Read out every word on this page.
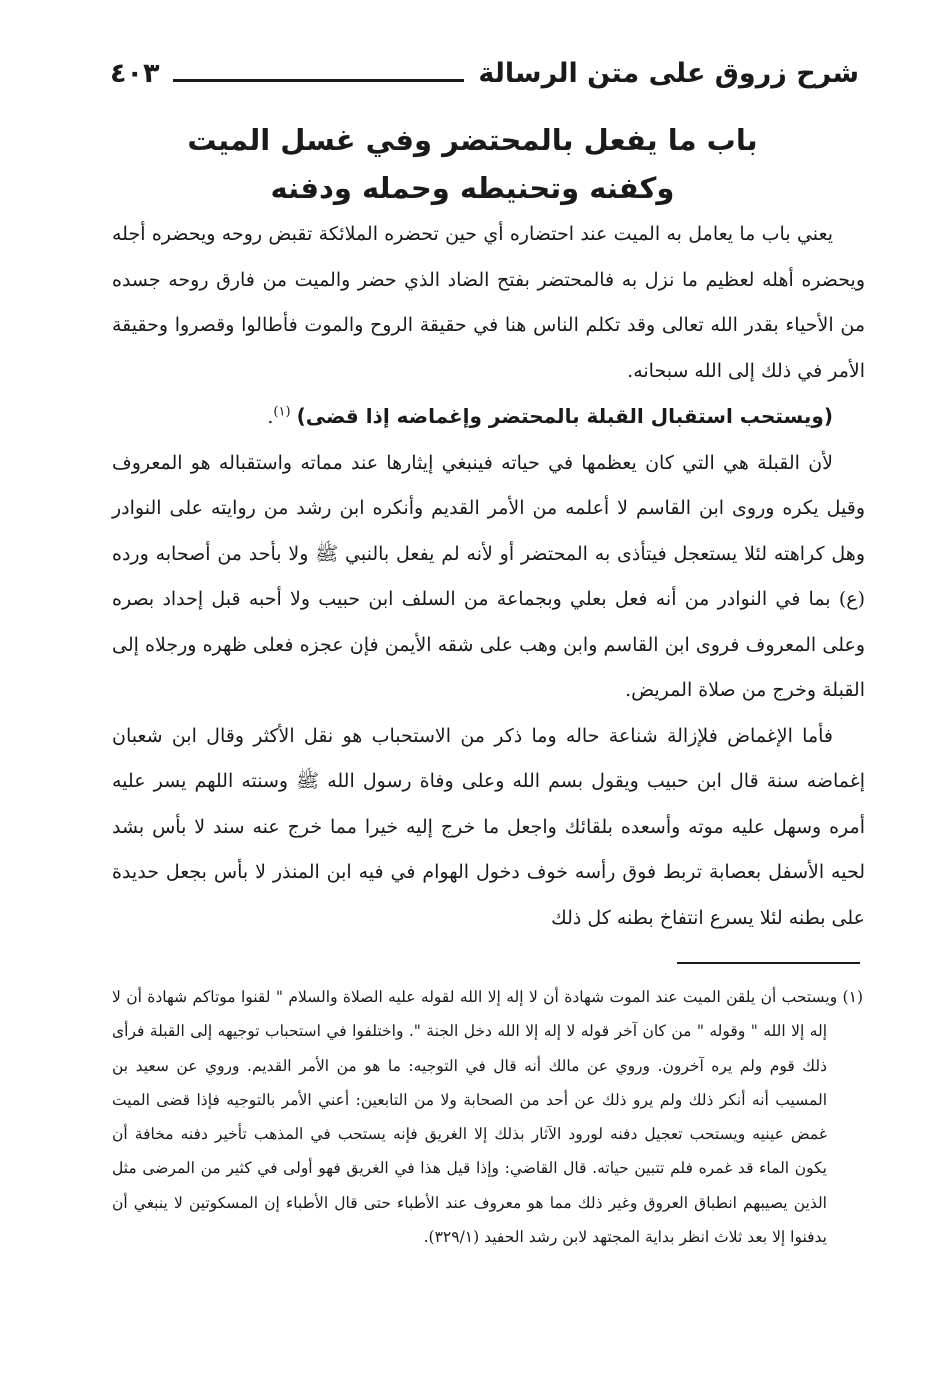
شرح زروق على متن الرسالة
٤٠٣
باب ما يفعل بالمحتضر وفي غسل الميت
وكفنه وتحنيطه وحمله ودفنه

يعني باب ما يعامل به الميت عند احتضاره أي حين تحضره الملائكة تقبض روحه ويحضره أجله ويحضره أهله لعظيم ما نزل به فالمحتضر بفتح الضاد الذي حضر والميت من فارق روحه جسده من الأحياء بقدر الله تعالى وقد تكلم الناس هنا في حقيقة الروح والموت فأطالوا وقصروا وحقيقة الأمر في ذلك إلى الله سبحانه.

(ويستحب استقبال القبلة بالمحتضر وإغماضه إذا قضى) $^{(١)}$.

لأن القبلة هي التي كان يعظمها في حياته فينبغي إيثارها عند مماته واستقباله هو المعروف وقيل يكره وروى ابن القاسم لا أعلمه من الأمر القديم وأنكره ابن رشد من روايته على النوادر وهل كراهته لئلا يستعجل فيتأذى به المحتضر أو لأنه لم يفعل بالنبي ﷺ ولا بأحد من أصحابه ورده (ع) بما في النوادر من أنه فعل بعلي وبجماعة من السلف ابن حبيب ولا أحبه قبل إحداد بصره وعلى المعروف فروى ابن القاسم وابن وهب على شقه الأيمن فإن عجزه فعلى ظهره ورجلاه إلى القبلة وخرج من صلاة المريض.

فأما الإغماض فلإزالة شناعة حاله وما ذكر من الاستحباب هو نقل الأكثر وقال ابن شعبان إغماضه سنة قال ابن حبيب ويقول بسم الله وعلى وفاة رسول الله ﷺ وسنته اللهم يسر عليه أمره وسهل عليه موته وأسعده بلقائك واجعل ما خرج إليه خيرا مما خرج عنه سند لا بأس بشد لحيه الأسفل بعصابة تربط فوق رأسه خوف دخول الهوام في فيه ابن المنذر لا بأس بجعل حديدة على بطنه لئلا يسرع انتفاخ بطنه كل ذلك

(١) ويستحب أن يلقن الميت عند الموت شهادة أن لا إله إلا الله لقوله عليه الصلاة والسلام " لقنوا موتاكم شهادة أن لا إله إلا الله " وقوله " من كان آخر قوله لا إله إلا الله دخل الجنة ". واختلفوا في استحباب توجيهه إلى القبلة فرأى ذلك قوم ولم يره آخرون. وروي عن مالك أنه قال في التوجيه: ما هو من الأمر القديم. وروي عن سعيد بن المسيب أنه أنكر ذلك ولم يرو ذلك عن أحد من الصحابة ولا من التابعين: أعني الأمر بالتوجيه فإذا قضى الميت غمض عينيه ويستحب تعجيل دفنه لورود الآثار بذلك إلا الغريق فإنه يستحب في المذهب تأخير دفنه مخافة أن يكون الماء قد غمره فلم تتبين حياته. قال القاضي: وإذا قيل هذا في الغريق فهو أولى في كثير من المرضى مثل الذين يصيبهم انطباق العروق وغير ذلك مما هو معروف عند الأطباء حتى قال الأطباء إن المسكوتين لا ينبغي أن يدفنوا إلا بعد ثلاث انظر بداية المجتهد لابن رشد الحفيد (٣٢٩/١).
